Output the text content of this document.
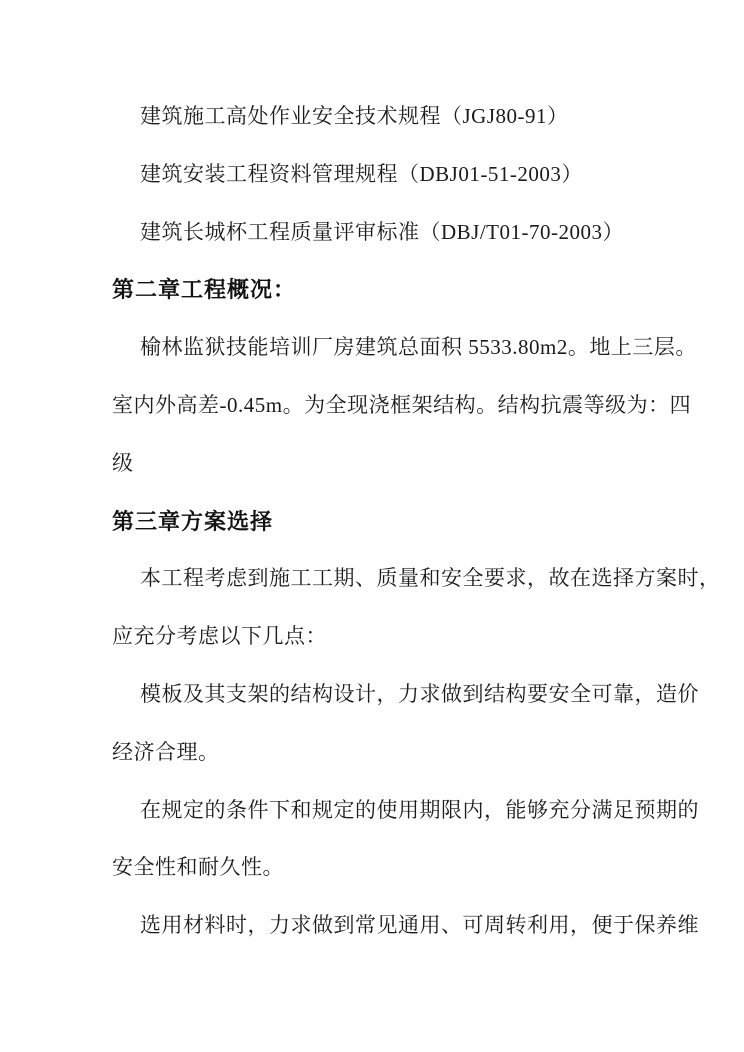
建筑施工高处作业安全技术规程（JGJ80-91）

建筑安装工程资料管理规程（DBJ01-51-2003）

建筑长城杯工程质量评审标准（DBJ/T01-70-2003）

第二章工程概况：

榆林监狱技能培训厂房建筑总面积 5533.80m2。地上三层。

室内外高差-0.45m。为全现浇框架结构。结构抗震等级为：四

级

第三章方案选择

本工程考虑到施工工期、质量和安全要求，故在选择方案时，

应充分考虑以下几点：

模板及其支架的结构设计，力求做到结构要安全可靠，造价

经济合理。

在规定的条件下和规定的使用期限内，能够充分满足预期的

安全性和耐久性。

选用材料时，力求做到常见通用、可周转利用，便于保养维
